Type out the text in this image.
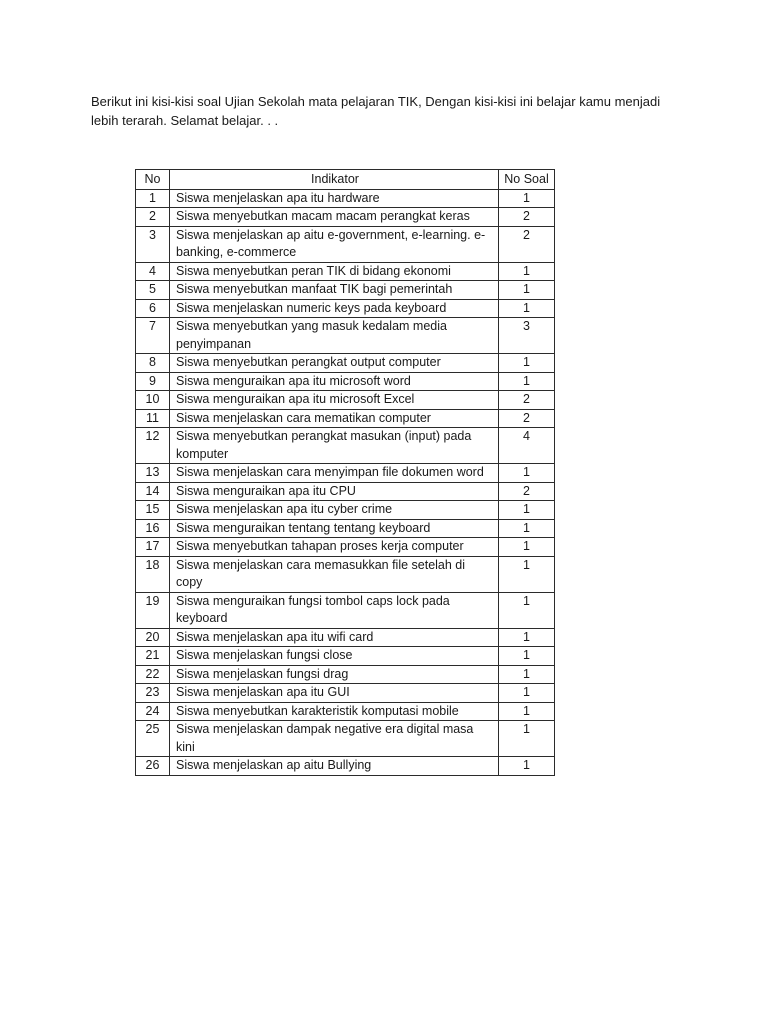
Berikut ini kisi-kisi soal Ujian Sekolah mata pelajaran TIK, Dengan kisi-kisi ini belajar kamu menjadi lebih terarah. Selamat belajar. . .

No	Indikator	No Soal
1	Siswa menjelaskan apa itu hardware	1
2	Siswa menyebutkan macam macam perangkat keras	2
3	Siswa menjelaskan ap aitu e-government, e-learning. e-banking, e-commerce	2
4	Siswa menyebutkan peran TIK di bidang ekonomi	1
5	Siswa menyebutkan manfaat TIK bagi pemerintah	1
6	Siswa menjelaskan numeric keys pada keyboard	1
7	Siswa menyebutkan yang masuk kedalam media penyimpanan	3
8	Siswa menyebutkan perangkat output computer	1
9	Siswa menguraikan apa itu microsoft word	1
10	Siswa menguraikan apa itu microsoft Excel	2
11	Siswa menjelaskan cara mematikan computer	2
12	Siswa menyebutkan perangkat masukan (input) pada komputer	4
13	Siswa menjelaskan cara menyimpan file dokumen word	1
14	Siswa menguraikan apa itu CPU	2
15	Siswa menjelaskan apa itu cyber crime	1
16	Siswa menguraikan tentang tentang keyboard	1
17	Siswa menyebutkan tahapan proses kerja computer	1
18	Siswa menjelaskan cara memasukkan file setelah di copy	1
19	Siswa menguraikan fungsi tombol caps lock pada keyboard	1
20	Siswa menjelaskan apa itu wifi card	1
21	Siswa menjelaskan fungsi close	1
22	Siswa menjelaskan fungsi drag	1
23	Siswa menjelaskan apa itu GUI	1
24	Siswa menyebutkan karakteristik komputasi mobile	1
25	Siswa menjelaskan dampak negative era digital masa kini	1
26	Siswa menjelaskan ap aitu Bullying	1
